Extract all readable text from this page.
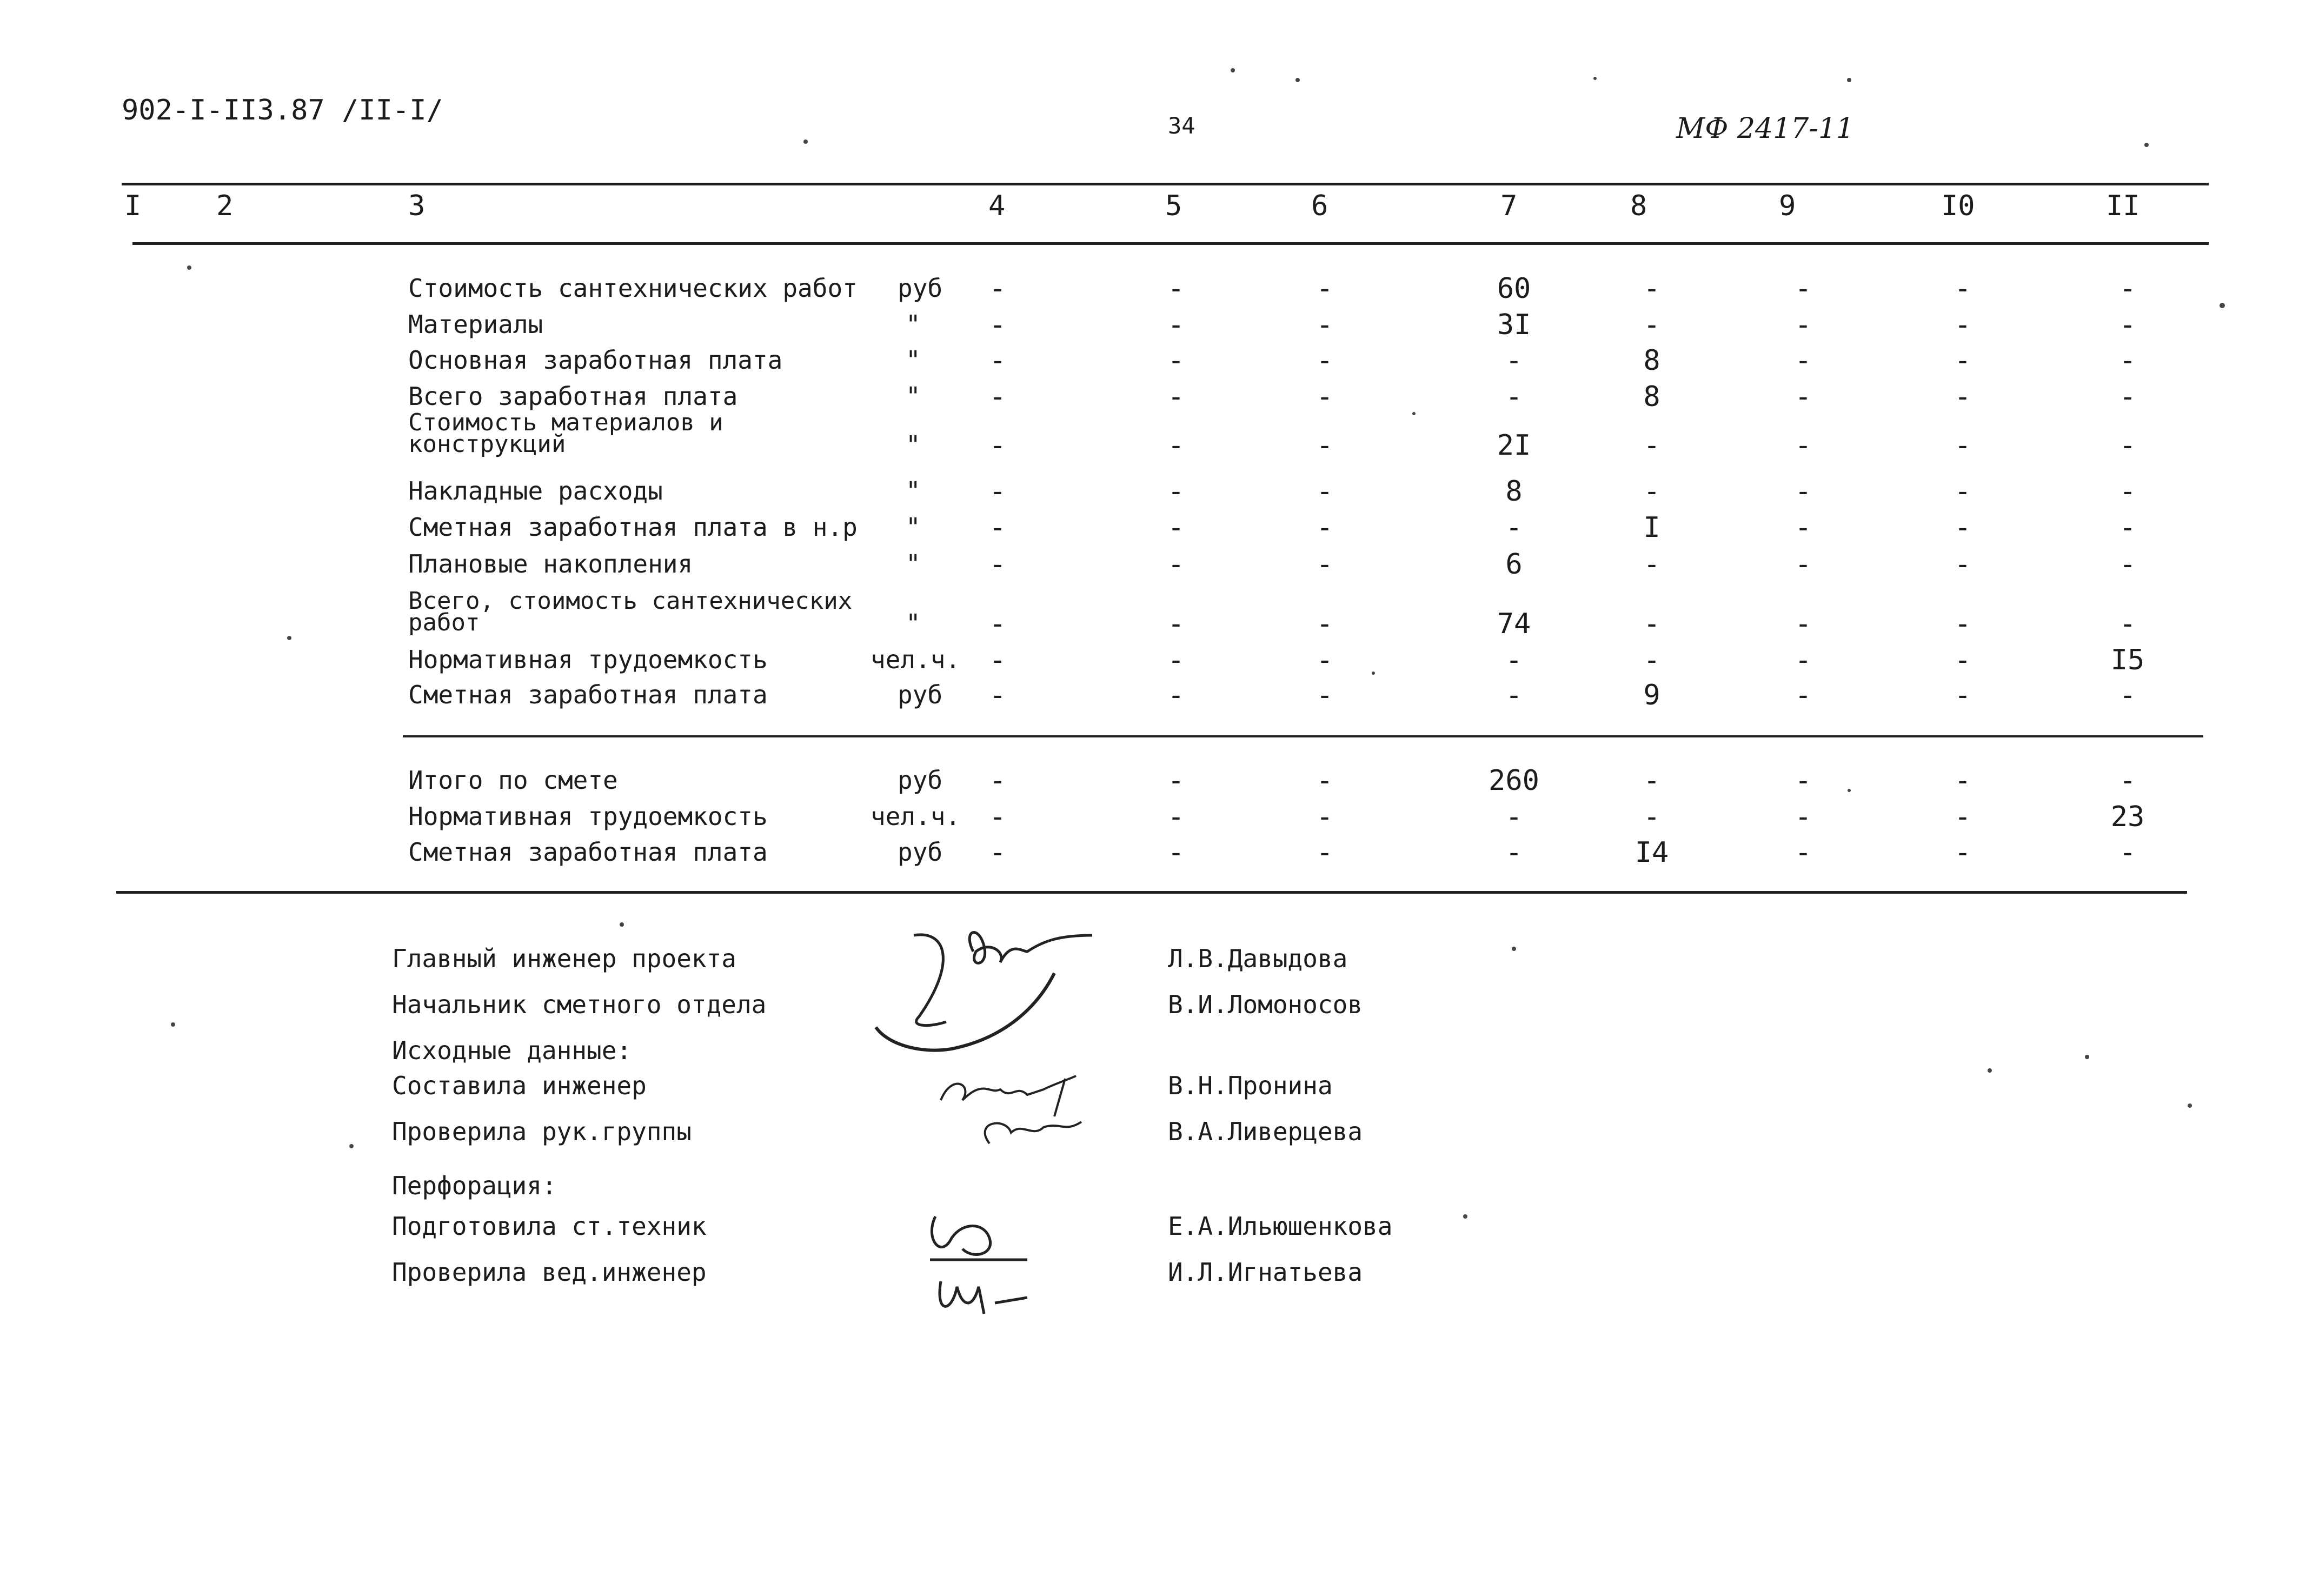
902-I-II3.87 /II-I/	34	МФ 2417-11
I	2	3	4	5	6	7	8	9	I0	II
Стоимость сантехнических работ руб	-	-	-	60	-	-	-	-
Материалы	"	-	-	-	3I	-	-	-	-
Основная заработная плата	"	-	-	-	-	8	-	-	-
Всего заработная плата	"	-	-	-	-	8	-	-	-
Стоимость материалов и
конструкций	"	-	-	-	2I	-	-	-	-
Накладные расходы	"	-	-	-	8	-	-	-	-
Сметная заработная плата в н.р "	-	-	-	-	I	-	-	-
Плановые накопления	"	-	-	-	6	-	-	-	-
Всего, стоимость сантехнических
работ	"	-	-	-	74	-	-	-	-
Нормативная трудоемкость	чел.ч.	-	-	-	-	-	-	-	I5
Сметная заработная плата	руб	-	-	-	-	9	-	-	-
Итого по смете	руб	-	-	-	260	-	-	-	-
Нормативная трудоемкость	чел.ч.	-	-	-	-	-	-	-	23
Сметная заработная плата	руб	-	-	-	-	I4	-	-	-
Главный инженер проекта	Л.В.Давыдова
Начальник сметного отдела	В.И.Ломоносов
Исходные данные:
Составила инженер	В.Н.Пронина
Проверила рук.группы	В.А.Ливерцева
Перфорация:
Подготовила ст.техник	Е.А.Ильюшенкова
Проверила вед.инженер	И.Л.Игнатьева
